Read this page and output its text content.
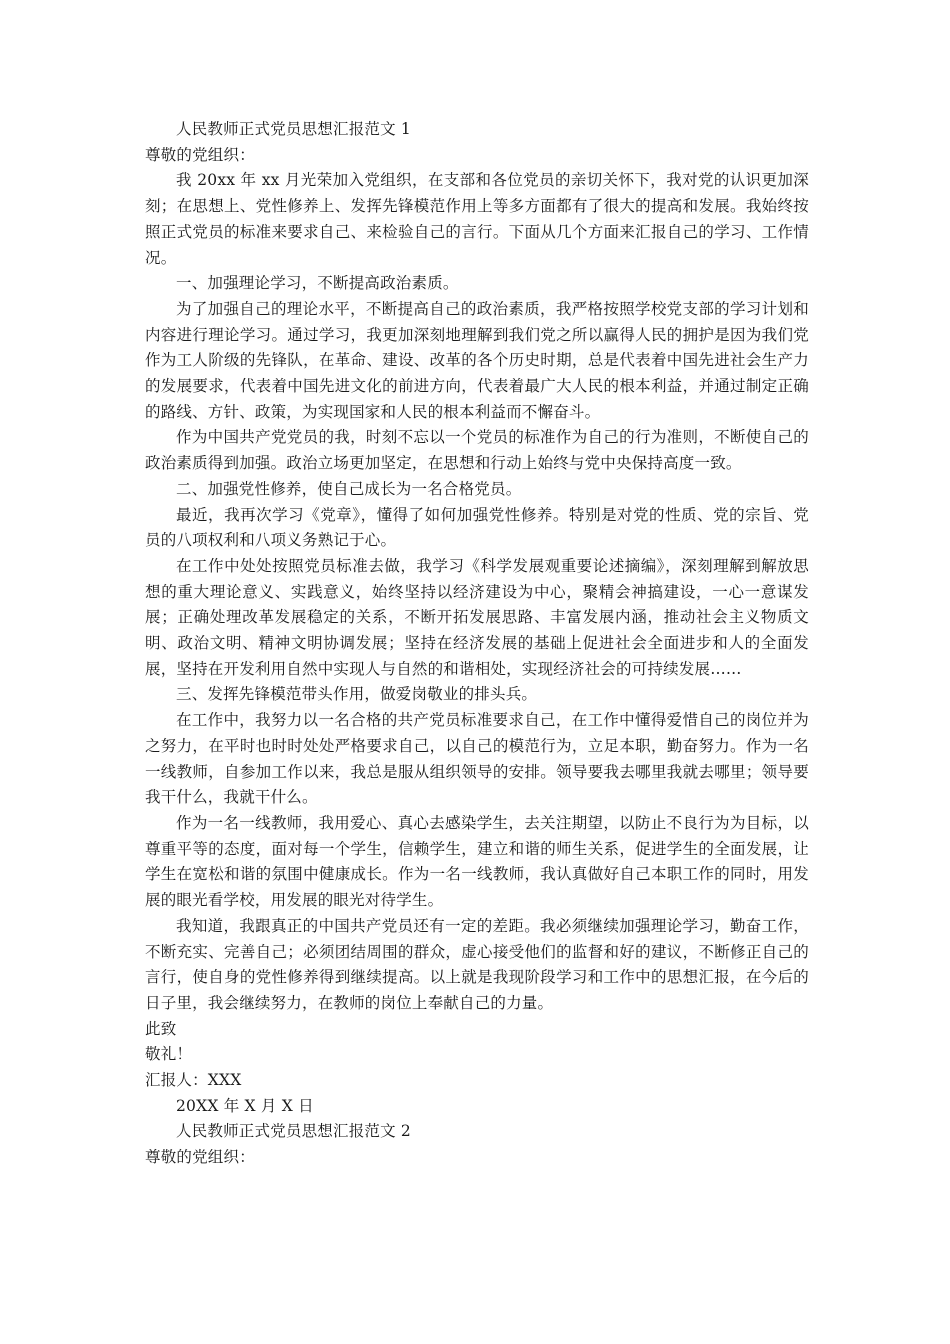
人民教师正式党员思想汇报范文 1

尊敬的党组织：

我 20xx 年 xx 月光荣加入党组织，在支部和各位党员的亲切关怀下，我对党的认识更加深刻；在思想上、党性修养上、发挥先锋模范作用上等多方面都有了很大的提高和发展。我始终按照正式党员的标准来要求自己、来检验自己的言行。下面从几个方面来汇报自己的学习、工作情况。

一、加强理论学习，不断提高政治素质。

为了加强自己的理论水平，不断提高自己的政治素质，我严格按照学校党支部的学习计划和内容进行理论学习。通过学习，我更加深刻地理解到我们党之所以赢得人民的拥护是因为我们党作为工人阶级的先锋队，在革命、建设、改革的各个历史时期，总是代表着中国先进社会生产力的发展要求，代表着中国先进文化的前进方向，代表着最广大人民的根本利益，并通过制定正确的路线、方针、政策，为实现国家和人民的根本利益而不懈奋斗。

作为中国共产党党员的我，时刻不忘以一个党员的标准作为自己的行为准则，不断使自己的政治素质得到加强。政治立场更加坚定，在思想和行动上始终与党中央保持高度一致。

二、加强党性修养，使自己成长为一名合格党员。

最近，我再次学习《党章》，懂得了如何加强党性修养。特别是对党的性质、党的宗旨、党员的八项权利和八项义务熟记于心。

在工作中处处按照党员标准去做，我学习《科学发展观重要论述摘编》，深刻理解到解放思想的重大理论意义、实践意义，始终坚持以经济建设为中心，聚精会神搞建设，一心一意谋发展；正确处理改革发展稳定的关系，不断开拓发展思路、丰富发展内涵，推动社会主义物质文明、政治文明、精神文明协调发展；坚持在经济发展的基础上促进社会全面进步和人的全面发展，坚持在开发利用自然中实现人与自然的和谐相处，实现经济社会的可持续发展……

三、发挥先锋模范带头作用，做爱岗敬业的排头兵。

在工作中，我努力以一名合格的共产党员标准要求自己，在工作中懂得爱惜自己的岗位并为之努力，在平时也时时处处严格要求自己，以自己的模范行为，立足本职，勤奋努力。作为一名一线教师，自参加工作以来，我总是服从组织领导的安排。领导要我去哪里我就去哪里；领导要我干什么，我就干什么。

作为一名一线教师，我用爱心、真心去感染学生，去关注期望，以防止不良行为为目标，以尊重平等的态度，面对每一个学生，信赖学生，建立和谐的师生关系，促进学生的全面发展，让学生在宽松和谐的氛围中健康成长。作为一名一线教师，我认真做好自己本职工作的同时，用发展的眼光看学校，用发展的眼光对待学生。

我知道，我跟真正的中国共产党员还有一定的差距。我必须继续加强理论学习，勤奋工作，不断充实、完善自己；必须团结周围的群众，虚心接受他们的监督和好的建议，不断修正自己的言行，使自身的党性修养得到继续提高。以上就是我现阶段学习和工作中的思想汇报，在今后的日子里，我会继续努力，在教师的岗位上奉献自己的力量。

此致

敬礼！

汇报人：XXX

20XX 年 X 月 X 日

人民教师正式党员思想汇报范文 2

尊敬的党组织：
